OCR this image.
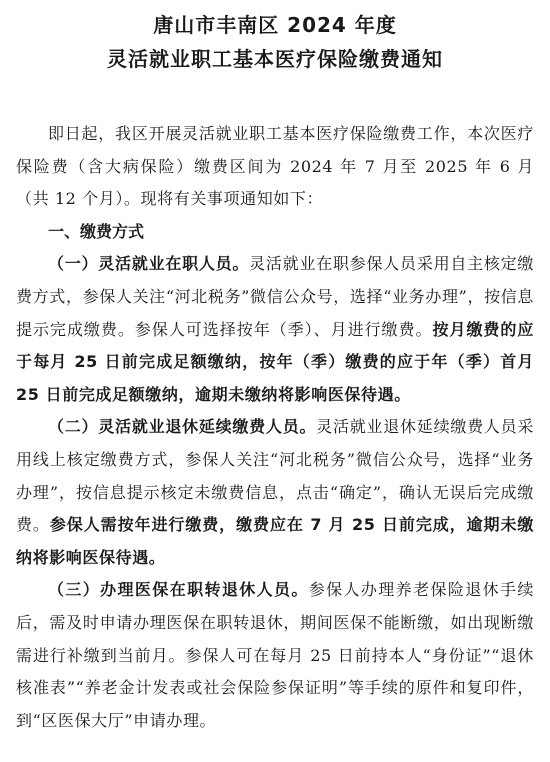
唐山市丰南区 2024 年度
灵活就业职工基本医疗保险缴费通知

即日起，我区开展灵活就业职工基本医疗保险缴费工作，本次医疗保险费（含大病保险）缴费区间为 2024 年 7 月至 2025 年 6 月（共 12 个月）。现将有关事项通知如下：

一、缴费方式

（一）灵活就业在职人员。灵活就业在职参保人员采用自主核定缴费方式，参保人关注“河北税务”微信公众号，选择“业务办理”，按信息提示完成缴费。参保人可选择按年（季）、月进行缴费。按月缴费的应于每月 25 日前完成足额缴纳，按年（季）缴费的应于年（季）首月 25 日前完成足额缴纳，逾期未缴纳将影响医保待遇。

（二）灵活就业退休延续缴费人员。灵活就业退休延续缴费人员采用线上核定缴费方式，参保人关注“河北税务”微信公众号，选择“业务办理”，按信息提示核定未缴费信息，点击“确定”，确认无误后完成缴费。参保人需按年进行缴费，缴费应在 7 月 25 日前完成，逾期未缴纳将影响医保待遇。

（三）办理医保在职转退休人员。参保人办理养老保险退休手续后，需及时申请办理医保在职转退休，期间医保不能断缴，如出现断缴需进行补缴到当前月。参保人可在每月 25 日前持本人“身份证”“退休核准表”“养老金计发表或社会保险参保证明”等手续的原件和复印件，到“区医保大厅”申请办理。
